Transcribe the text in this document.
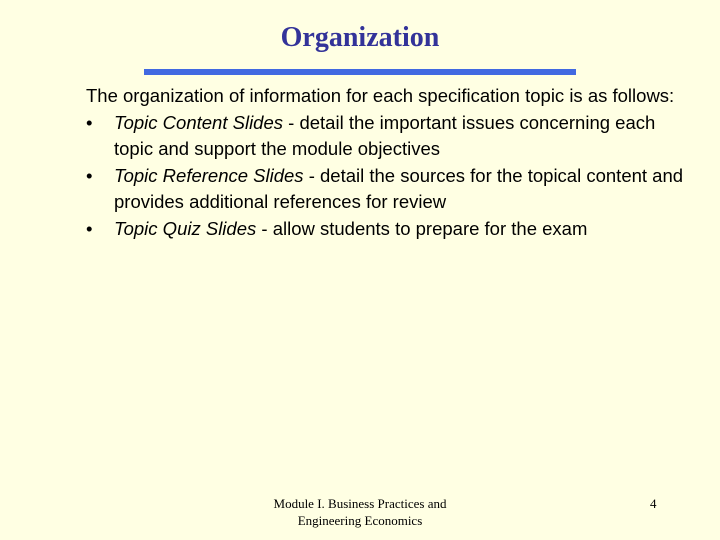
Organization

The organization of information for each specification topic is as follows:

• Topic Content Slides - detail the important issues concerning each topic and support the module objectives
• Topic Reference Slides - detail the sources for the topical content and provides additional references for review
• Topic Quiz Slides - allow students to prepare for the exam
Module I. Business Practices and
Engineering Economics
4
